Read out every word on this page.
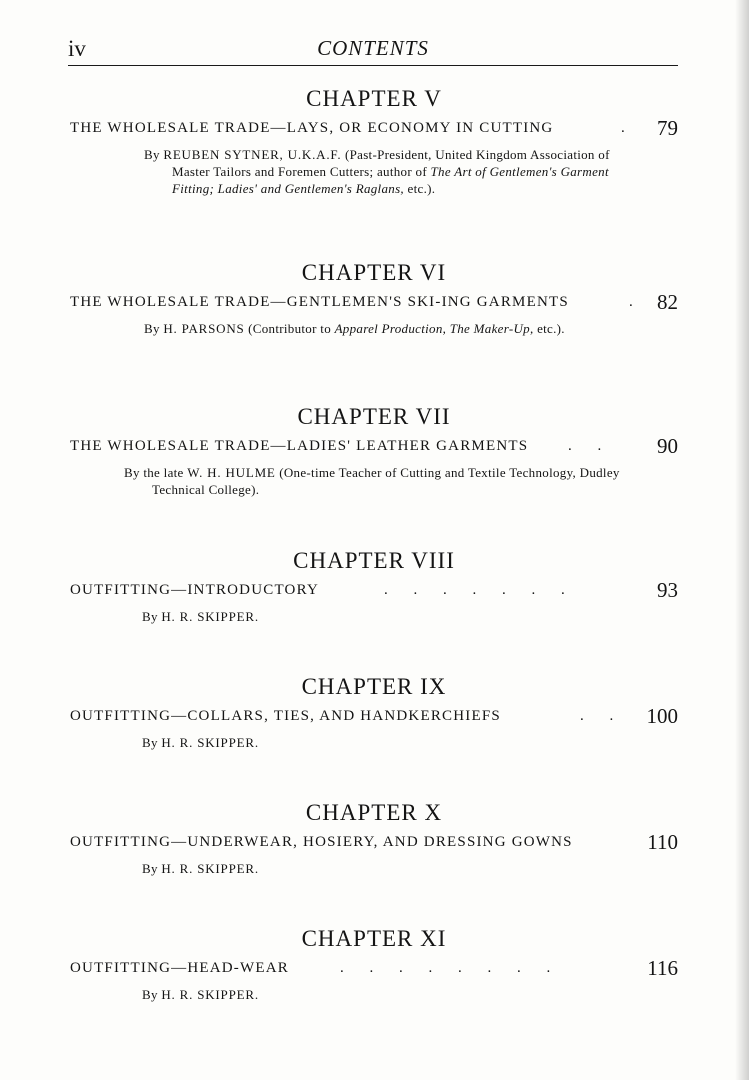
iv	CONTENTS
CHAPTER V
THE WHOLESALE TRADE—LAYS, OR ECONOMY IN CUTTING	. 79
By REUBEN SYTNER, U.K.A.F. (Past-President, United Kingdom Association of Master Tailors and Foremen Cutters; author of The Art of Gentlemen's Garment Fitting; Ladies' and Gentlemen's Raglans, etc.).
CHAPTER VI
THE WHOLESALE TRADE—GENTLEMEN'S SKI-ING GARMENTS	. 82
By H. PARSONS (Contributor to Apparel Production, The Maker-Up, etc.).
CHAPTER VII
THE WHOLESALE TRADE—LADIES' LEATHER GARMENTS	. .	90
By the late W. H. HULME (One-time Teacher of Cutting and Textile Technology, Dudley Technical College).
CHAPTER VIII
OUTFITTING—INTRODUCTORY	. . . . . . .	93
By H. R. SKIPPER.
CHAPTER IX
OUTFITTING—COLLARS, TIES, AND HANDKERCHIEFS	. . 100
By H. R. SKIPPER.
CHAPTER X
OUTFITTING—UNDERWEAR, HOSIERY, AND DRESSING GOWNS	110
By H. R. SKIPPER.
CHAPTER XI
OUTFITTING—HEAD-WEAR	. . . . . . . .	116
By H. R. SKIPPER.
